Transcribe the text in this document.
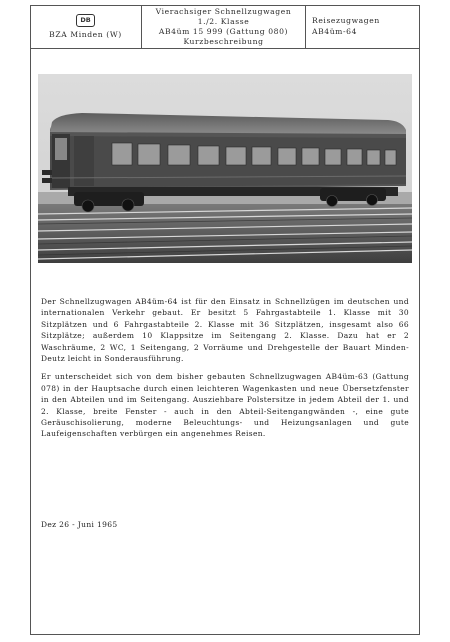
DB
BZA Minden (W)
Vierachsiger Schnellzugwagen
1./2. Klasse
AB4üm 15 999 (Gattung 080)
Kurzbeschreibung
Reisezugwagen
AB4üm-64

Der Schnellzugwagen AB4üm-64 ist für den Einsatz in Schnellzügen im deutschen und internationalen Verkehr gebaut. Er besitzt 5 Fahrgastabteile 1. Klasse mit 30 Sitzplätzen und 6 Fahrgastabteile 2. Klasse mit 36 Sitzplätzen, insgesamt also 66 Sitzplätze; außerdem 10 Klappsitze im Seitengang 2. Klasse. Dazu hat er 2 Waschräume, 2 WC, 1 Seitengang, 2 Vorräume und Drehgestelle der Bauart Minden-Deutz leicht in Sonderausführung.

Er unterscheidet sich von dem bisher gebauten Schnellzugwagen AB4üm-63 (Gattung 078) in der Hauptsache durch einen leichteren Wagenkasten und neue Übersetzfenster in den Abteilen und im Seitengang. Ausziehbare Polstersitze in jedem Abteil der 1. und 2. Klasse, breite Fenster - auch in den Abteil-Seitengangwänden -, eine gute Geräuschisolierung, moderne Beleuchtungs- und Heizungsanlagen und gute Laufeigenschaften verbürgen ein angenehmes Reisen.

Dez 26 - Juni 1965
